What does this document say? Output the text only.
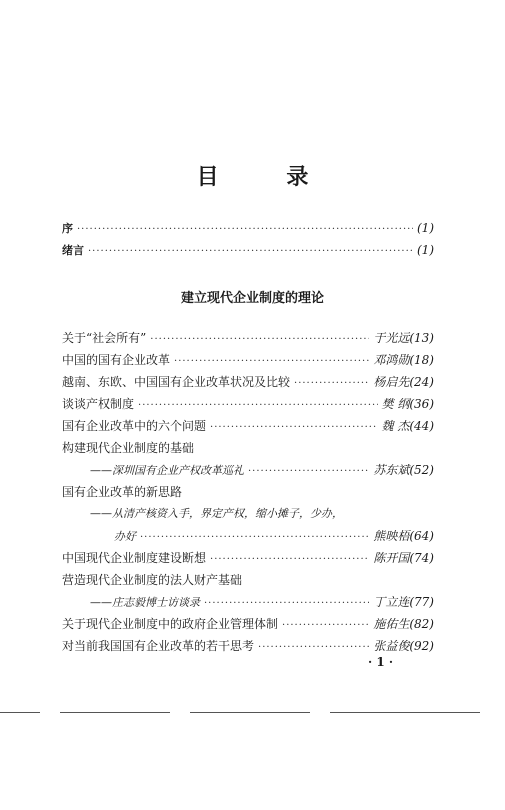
目 录
序 ·····	(1)
绪言 ·····	(1)
建立现代企业制度的理论
关于“社会所有” ·····	于光远(13)
中国的国有企业改革 ·····	邓鸿勋(18)
越南、东欧、中国国有企业改革状况及比较 ·····	杨启先(24)
谈谈产权制度 ·····	樊 纲(36)
国有企业改革中的六个问题 ·····	魏 杰(44)
构建现代企业制度的基础
——深圳国有企业产权改革巡礼 ·····	苏东斌(52)
国有企业改革的新思路
——从清产核资入手，界定产权，缩小摊子，少办，
办好 ·····	熊映梧(64)
中国现代企业制度建设断想 ·····	陈开国(74)
营造现代企业制度的法人财产基础
——庄志毅博士访谈录 ·····	丁立连(77)
关于现代企业制度中的政府企业管理体制 ·····	施佑生(82)
对当前我国国有企业改革的若干思考 ·····	张益俊(92)
· 1 ·
